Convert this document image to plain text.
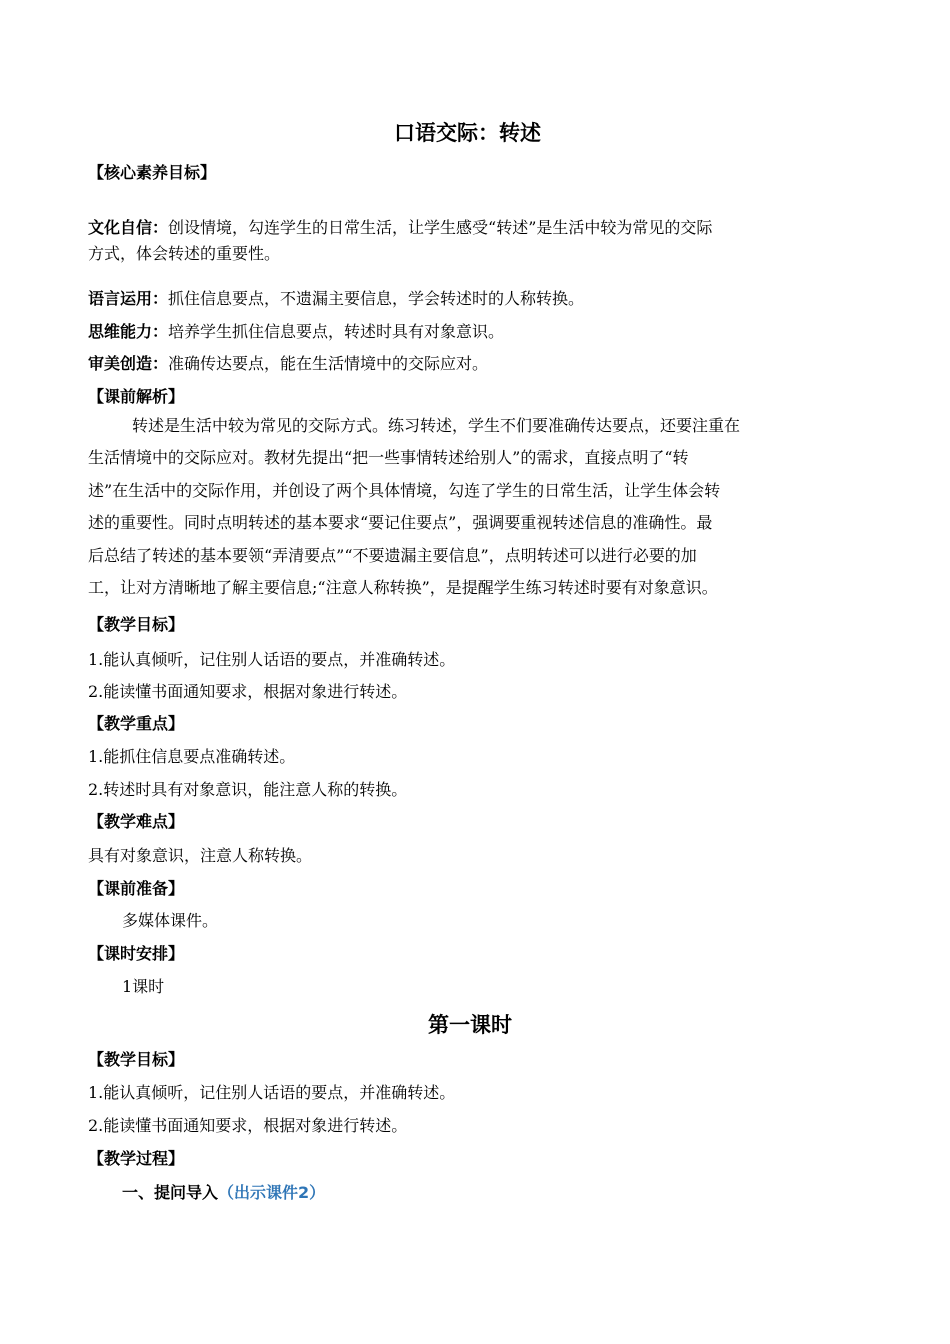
口语交际：转述
【核心素养目标】
文化自信：创设情境，勾连学生的日常生活，让学生感受“转述”是生活中较为常见的交际
方式，体会转述的重要性。
语言运用：抓住信息要点，不遗漏主要信息，学会转述时的人称转换。
思维能力：培养学生抓住信息要点，转述时具有对象意识。
审美创造：准确传达要点，能在生活情境中的交际应对。
【课前解析】
转述是生活中较为常见的交际方式。练习转述，学生不们要准确传达要点，还要注重在
生活情境中的交际应对。教材先提出“把一些事情转述给别人”的需求，直接点明了“转
述”在生活中的交际作用，并创设了两个具体情境，勾连了学生的日常生活，让学生体会转
述的重要性。同时点明转述的基本要求“要记住要点”，强调要重视转述信息的准确性。最
后总结了转述的基本要领“弄清要点”“不要遗漏主要信息”，点明转述可以进行必要的加
工，让对方清晰地了解主要信息;“注意人称转换”，是提醒学生练习转述时要有对象意识。
【教学目标】
1.能认真倾听，记住别人话语的要点，并准确转述。
2.能读懂书面通知要求，根据对象进行转述。
【教学重点】
1.能抓住信息要点准确转述。
2.转述时具有对象意识，能注意人称的转换。
【教学难点】
具有对象意识，注意人称转换。
【课前准备】
多媒体课件。
【课时安排】
1课时
第一课时
【教学目标】
1.能认真倾听，记住别人话语的要点，并准确转述。
2.能读懂书面通知要求，根据对象进行转述。
【教学过程】
一、提问导入（出示课件2）
